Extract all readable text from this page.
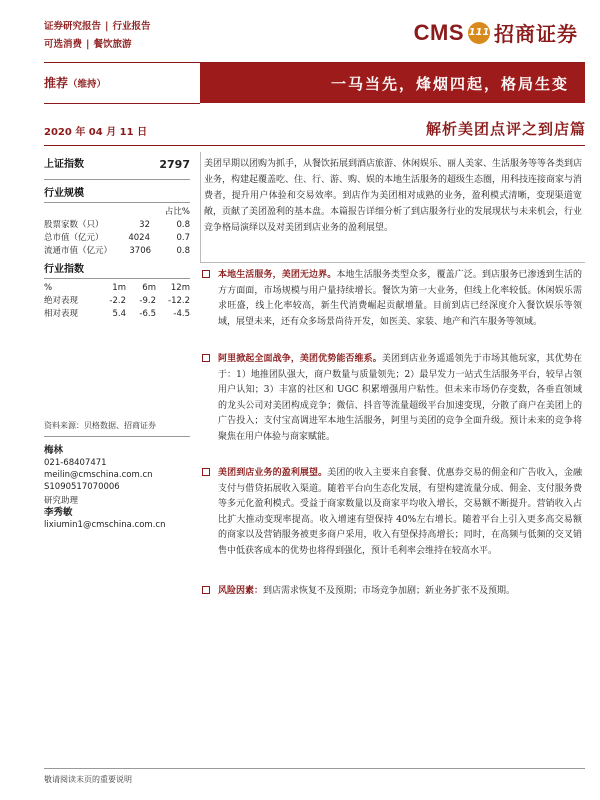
证券研究报告 | 行业报告
可选消费 | 餐饮旅游	CMS 111 招商证券
推荐（维持）	一马当先，烽烟四起，格局生变
2020 年 04 月 11 日	解析美团点评之到店篇
上证指数	2797
行业规模
占比%
股票家数（只）	32	0.8
总市值（亿元）	4024	0.7
流通市值（亿元）	3706	0.8
行业指数
%	1m	6m	12m
绝对表现	-2.2	-9.2	-12.2
相对表现	5.4	-6.5	-4.5
资料来源：贝格数据、招商证券
梅林
021-68407471
meilin@cmschina.com.cn
S1090517070006
研究助理
李秀敏
lixiumin1@cmschina.com.cn
美团早期以团购为抓手，从餐饮拓展到酒店旅游、休闲娱乐、丽人美家、生活服务等等各类到店业务，构建起覆盖吃、住、行、游、购、娱的本地生活服务的超级生态圈，用科技连接商家与消费者，提升用户体验和交易效率。到店作为美团相对成熟的业务，盈利模式清晰，变现渠道宽敞，贡献了美团盈利的基本盘。本篇报告详细分析了到店服务行业的发展现状与未来机会，行业竞争格局演绎以及对美团到店业务的盈利展望。
本地生活服务，美团无边界。本地生活服务类型众多，覆盖广泛。到店服务已渗透到生活的方方面面，市场规模与用户量持续增长。餐饮为第一大业务，但线上化率较低。休闲娱乐需求旺盛，线上化率较高，新生代消费崛起贡献增量。目前到店已经深度介入餐饮娱乐等领域，展望未来，还有众多场景尚待开发，如医美、家装、地产和汽车服务等领域。
阿里掀起全面战争，美团优势能否维系。美团到店业务遥遥领先于市场其他玩家，其优势在于：1）地推团队强大，商户数量与质量领先；2）最早发力一站式生活服务平台，较早占领用户认知；3）丰富的社区和 UGC 积累增强用户粘性。但未来市场仍存变数，各垂直领域的龙头公司对美团构成竞争；微信、抖音等流量超级平台加速变现，分散了商户在美团上的广告投入；支付宝高调进军本地生活服务，阿里与美团的竞争全面升级。预计未来的竞争将聚焦在用户体验与商家赋能。
美团到店业务的盈利展望。美团的收入主要来自套餐、优惠券交易的佣金和广告收入，金融支付与借贷拓展收入渠道。随着平台向生态化发展，有望构建流量分成、佣金、支付服务费等多元化盈利模式。受益于商家数量以及商家平均收入增长，交易额不断提升。营销收入占比扩大推动变现率提高。收入增速有望保持 40%左右增长。随着平台上引入更多高交易额的商家以及营销服务被更多商户采用，收入有望保持高增长；同时，在高频与低频的交叉销售中低获客成本的优势也将得到强化，预计毛利率会维持在较高水平。
风险因素：到店需求恢复不及预期；市场竞争加剧；新业务扩张不及预期。
敬请阅读末页的重要说明
